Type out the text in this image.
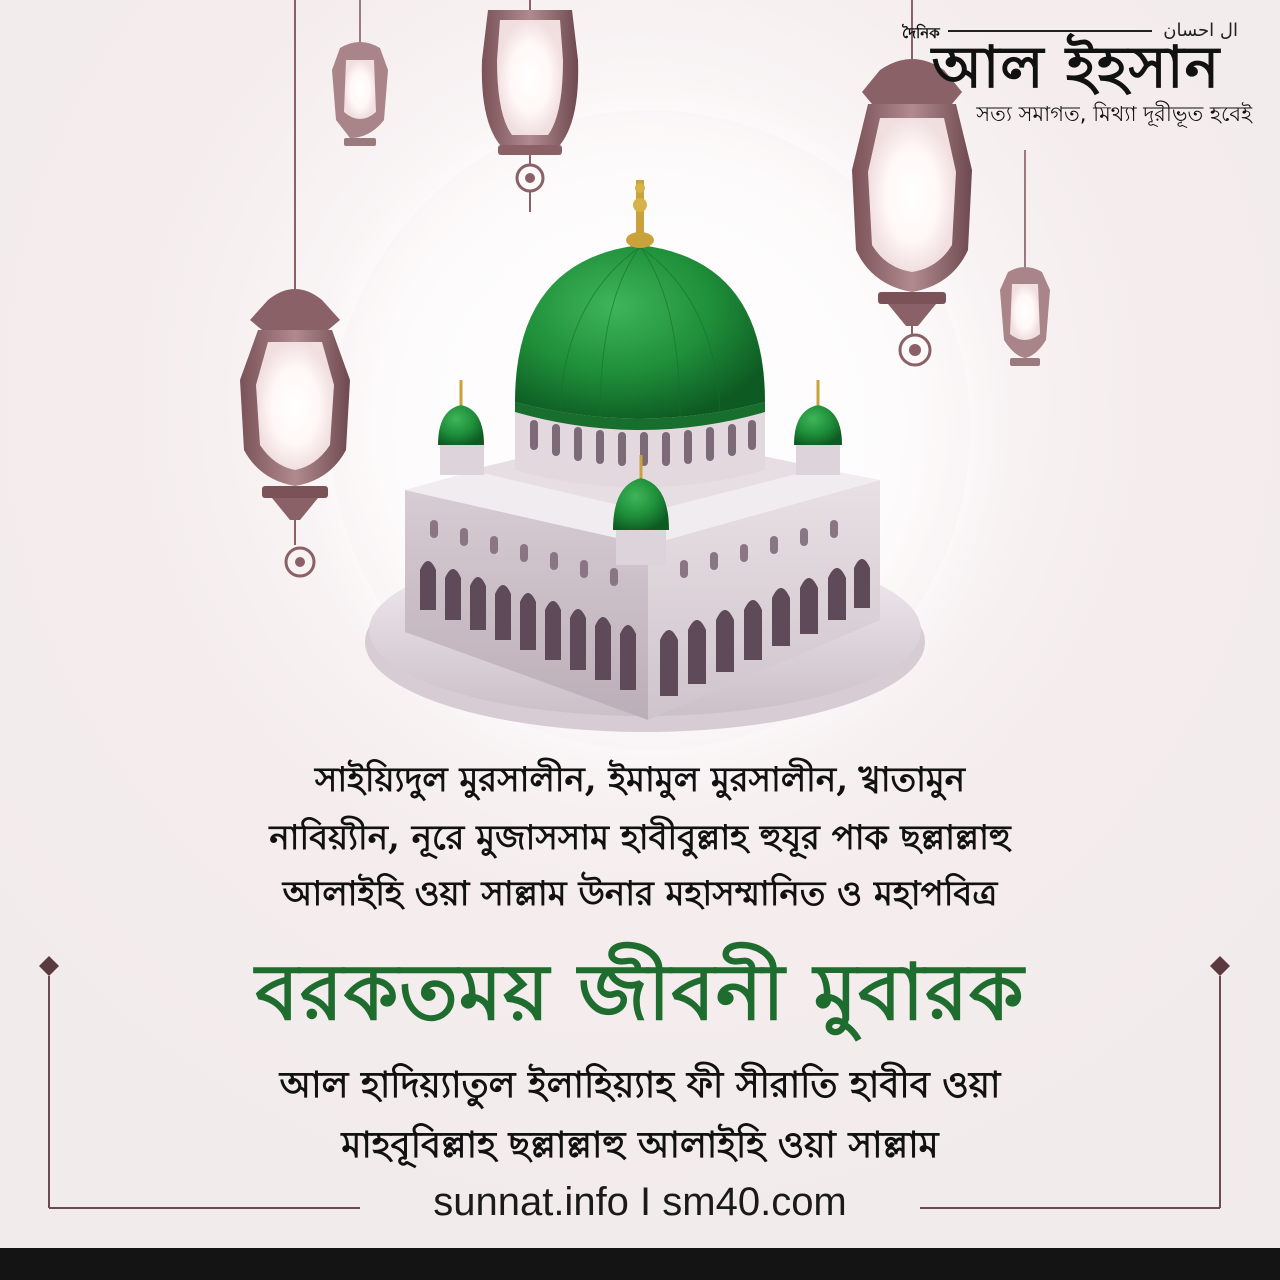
দৈনিক	ال احسان
আল ইহসান
সত্য সমাগত, মিথ্যা দূরীভূত হবেই
সাইয়্যিদুল মুরসালীন, ইমামুল মুরসালীন, খ্বাতামুন
নাবিয়্যীন, নূরে মুজাসসাম হাবীবুল্লাহ হুযূর পাক ছল্লাল্লাহু
আলাইহি ওয়া সাল্লাম উনার মহাসম্মানিত ও মহাপবিত্র
বরকতময় জীবনী মুবারক
আল হাদিয়্যাতুল ইলাহিয়্যাহ ফী সীরাতি হাবীব ওয়া
মাহবূবিল্লাহ ছল্লাল্লাহু আলাইহি ওয়া সাল্লাম
sunnat.info I sm40.com
